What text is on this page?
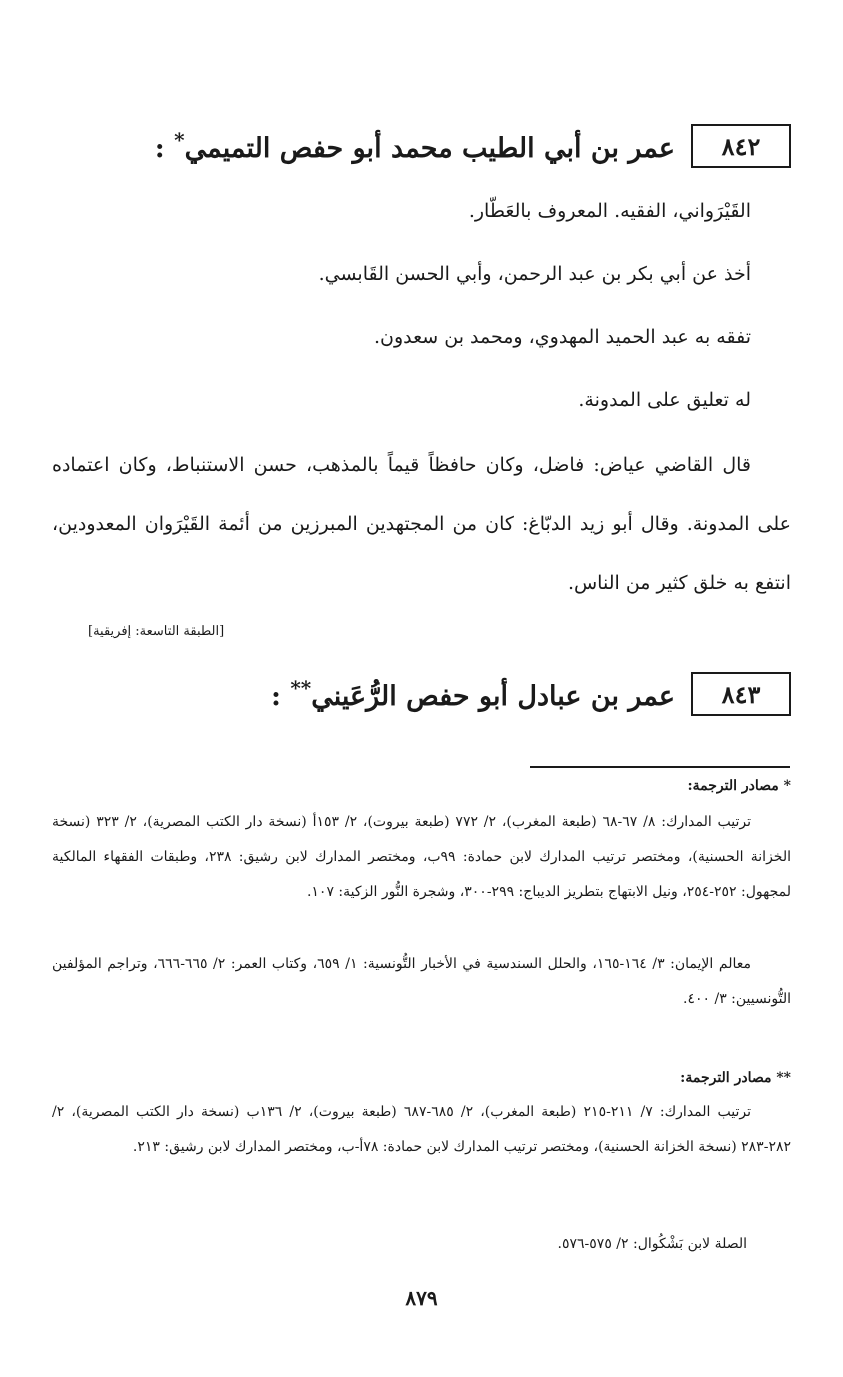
٨٤٢
عمر بن أبي الطيب محمد أبو حفص التميمي* :
القَيْرَواني، الفقيه. المعروف بالعَطّار.
أخذ عن أبي بكر بن عبد الرحمن، وأبي الحسن القَابسي.
تفقه به عبد الحميد المهدوي، ومحمد بن سعدون.
له تعليق على المدونة.
قال القاضي عياض: فاضل، وكان حافظاً قيماً بالمذهب، حسن الاستنباط، وكان اعتماده على المدونة. وقال أبو زيد الدبّاغ: كان من المجتهدين المبرزين من أئمة القَيْرَوان المعدودين، انتفع به خلق كثير من الناس.
[الطبقة التاسعة: إفريقية]
٨٤٣
عمر بن عبادل أبو حفص الرُّعَيني** :
* مصادر الترجمة:
ترتيب المدارك: ٨/ ٦٧-٦٨ (طبعة المغرب)، ٢/ ٧٧٢ (طبعة بيروت)، ٢/ ١٥٣أ (نسخة دار الكتب المصرية)، ٢/ ٣٢٣ (نسخة الخزانة الحسنية)، ومختصر ترتيب المدارك لابن حمادة: ٩٩ب، ومختصر المدارك لابن رشيق: ٢٣٨، وطبقات الفقهاء المالكية لمجهول: ٢٥٢-٢٥٤، ونيل الابتهاج بتطريز الديباج: ٢٩٩-٣٠٠، وشجرة النُّور الزكية: ١٠٧.
معالم الإيمان: ٣/ ١٦٤-١٦٥، والحلل السندسية في الأخبار التُّونسية: ١/ ٦٥٩، وكتاب العمر: ٢/ ٦٦٥-٦٦٦، وتراجم المؤلفين التُّونسيين: ٣/ ٤٠٠.
** مصادر الترجمة:
ترتيب المدارك: ٧/ ٢١١-٢١٥ (طبعة المغرب)، ٢/ ٦٨٥-٦٨٧ (طبعة بيروت)، ٢/ ١٣٦ب (نسخة دار الكتب المصرية)، ٢/ ٢٨٢-٢٨٣ (نسخة الخزانة الحسنية)، ومختصر ترتيب المدارك لابن حمادة: ٧٨أ-ب، ومختصر المدارك لابن رشيق: ٢١٣.
الصلة لابن بَشْكُوال: ٢/ ٥٧٥-٥٧٦.
٨٧٩
